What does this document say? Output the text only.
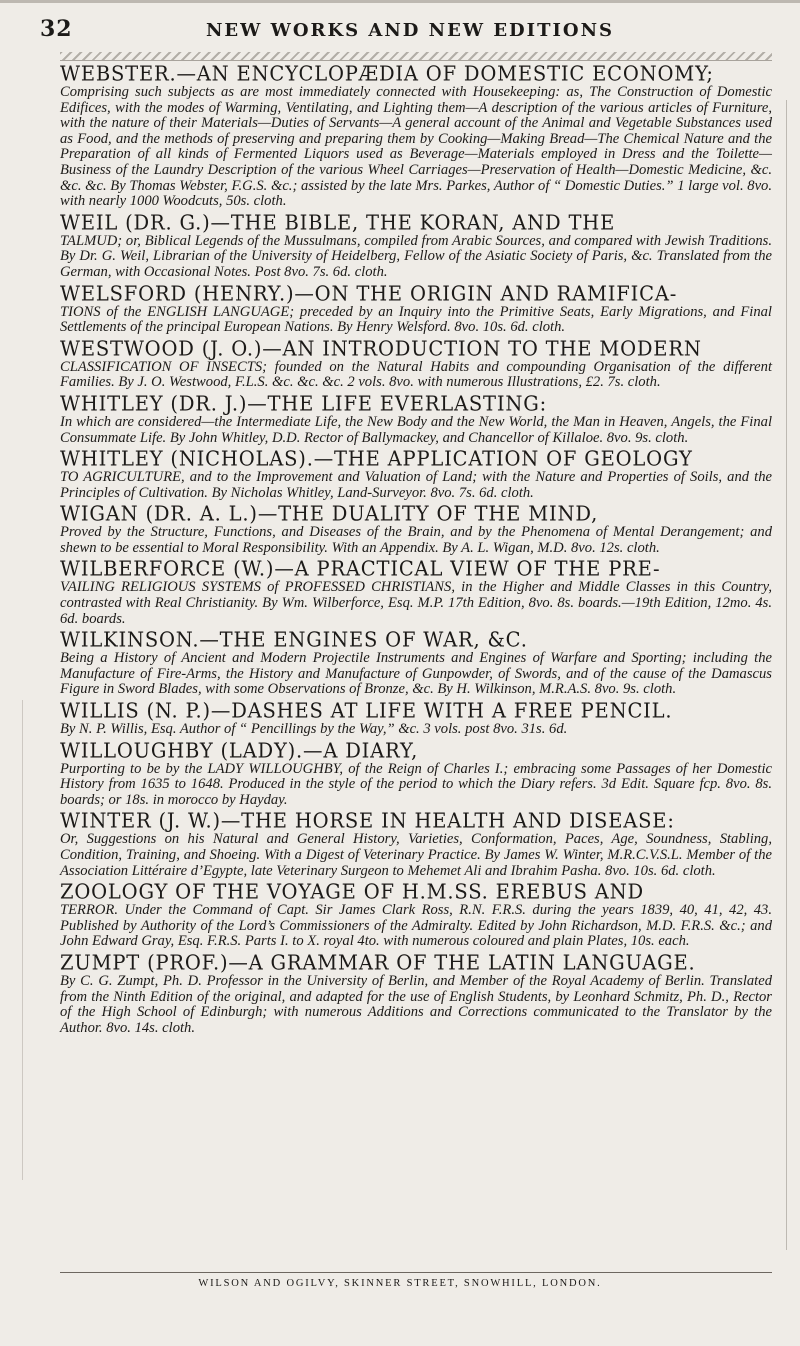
32	NEW WORKS AND NEW EDITIONS
WEBSTER.—AN ENCYCLOPÆDIA OF DOMESTIC ECONOMY;
Comprising such subjects as are most immediately connected with Housekeeping: as, The Construction of Domestic Edifices, with the modes of Warming, Ventilating, and Lighting them—A description of the various articles of Furniture, with the nature of their Materials—Duties of Servants—A general account of the Animal and Vegetable Substances used as Food, and the methods of preserving and preparing them by Cooking—Making Bread—The Chemical Nature and the Preparation of all kinds of Fermented Liquors used as Beverage—Materials employed in Dress and the Toilette—Business of the Laundry Description of the various Wheel Carriages—Preservation of Health—Domestic Medicine, &c. &c. &c. By Thomas Webster, F.G.S. &c.; assisted by the late Mrs. Parkes, Author of “ Domestic Duties.” 1 large vol. 8vo. with nearly 1000 Woodcuts, 50s. cloth.
WEIL (DR. G.)—THE BIBLE, THE KORAN, AND THE
TALMUD; or, Biblical Legends of the Mussulmans, compiled from Arabic Sources, and compared with Jewish Traditions. By Dr. G. Weil, Librarian of the University of Heidelberg, Fellow of the Asiatic Society of Paris, &c. Translated from the German, with Occasional Notes. Post 8vo. 7s. 6d. cloth.
WELSFORD (HENRY.)—ON THE ORIGIN AND RAMIFICA-
TIONS of the ENGLISH LANGUAGE; preceded by an Inquiry into the Primitive Seats, Early Migrations, and Final Settlements of the principal European Nations. By Henry Welsford. 8vo. 10s. 6d. cloth.
WESTWOOD (J. O.)—AN INTRODUCTION TO THE MODERN
CLASSIFICATION OF INSECTS; founded on the Natural Habits and compounding Organisation of the different Families. By J. O. Westwood, F.L.S. &c. &c. &c. 2 vols. 8vo. with numerous Illustrations, £2. 7s. cloth.
WHITLEY (DR. J.)—THE LIFE EVERLASTING:
In which are considered—the Intermediate Life, the New Body and the New World, the Man in Heaven, Angels, the Final Consummate Life. By John Whitley, D.D. Rector of Ballymackey, and Chancellor of Killaloe. 8vo. 9s. cloth.
WHITLEY (NICHOLAS).—THE APPLICATION OF GEOLOGY
TO AGRICULTURE, and to the Improvement and Valuation of Land; with the Nature and Properties of Soils, and the Principles of Cultivation. By Nicholas Whitley, Land-Surveyor. 8vo. 7s. 6d. cloth.
WIGAN (DR. A. L.)—THE DUALITY OF THE MIND,
Proved by the Structure, Functions, and Diseases of the Brain, and by the Phenomena of Mental Derangement; and shewn to be essential to Moral Responsibility. With an Appendix. By A. L. Wigan, M.D. 8vo. 12s. cloth.
WILBERFORCE (W.)—A PRACTICAL VIEW OF THE PRE-
VAILING RELIGIOUS SYSTEMS of PROFESSED CHRISTIANS, in the Higher and Middle Classes in this Country, contrasted with Real Christianity. By Wm. Wilberforce, Esq. M.P. 17th Edition, 8vo. 8s. boards.—19th Edition, 12mo. 4s. 6d. boards.
WILKINSON.—THE ENGINES OF WAR, &C.
Being a History of Ancient and Modern Projectile Instruments and Engines of Warfare and Sporting; including the Manufacture of Fire-Arms, the History and Manufacture of Gunpowder, of Swords, and of the cause of the Damascus Figure in Sword Blades, with some Observations of Bronze, &c. By H. Wilkinson, M.R.A.S. 8vo. 9s. cloth.
WILLIS (N. P.)—DASHES AT LIFE WITH A FREE PENCIL.
By N. P. Willis, Esq. Author of “ Pencillings by the Way,” &c. 3 vols. post 8vo. 31s. 6d.
WILLOUGHBY (LADY).—A DIARY,
Purporting to be by the LADY WILLOUGHBY, of the Reign of Charles I.; embracing some Passages of her Domestic History from 1635 to 1648. Produced in the style of the period to which the Diary refers. 3d Edit. Square fcp. 8vo. 8s. boards; or 18s. in morocco by Hayday.
WINTER (J. W.)—THE HORSE IN HEALTH AND DISEASE:
Or, Suggestions on his Natural and General History, Varieties, Conformation, Paces, Age, Soundness, Stabling, Condition, Training, and Shoeing. With a Digest of Veterinary Practice. By James W. Winter, M.R.C.V.S.L. Member of the Association Littéraire d’Egypte, late Veterinary Surgeon to Mehemet Ali and Ibrahim Pasha. 8vo. 10s. 6d. cloth.
ZOOLOGY OF THE VOYAGE OF H.M.SS. EREBUS AND
TERROR. Under the Command of Capt. Sir James Clark Ross, R.N. F.R.S. during the years 1839, 40, 41, 42, 43. Published by Authority of the Lord’s Commissioners of the Admiralty. Edited by John Richardson, M.D. F.R.S. &c.; and John Edward Gray, Esq. F.R.S. Parts I. to X. royal 4to. with numerous coloured and plain Plates, 10s. each.
ZUMPT (PROF.)—A GRAMMAR OF THE LATIN LANGUAGE.
By C. G. Zumpt, Ph. D. Professor in the University of Berlin, and Member of the Royal Academy of Berlin. Translated from the Ninth Edition of the original, and adapted for the use of English Students, by Leonhard Schmitz, Ph. D., Rector of the High School of Edinburgh; with numerous Additions and Corrections communicated to the Translator by the Author. 8vo. 14s. cloth.
WILSON AND OGILVY, SKINNER STREET, SNOWHILL, LONDON.
